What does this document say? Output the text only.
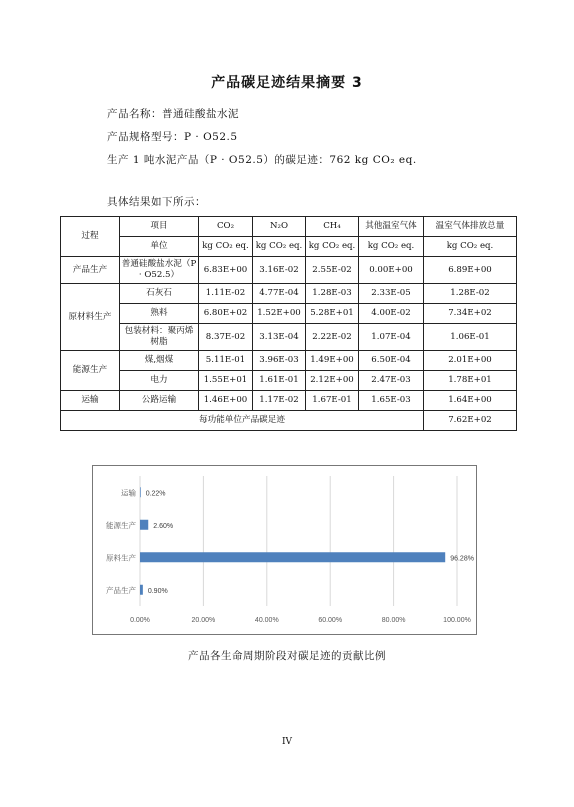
产品碳足迹结果摘要 3
产品名称：普通硅酸盐水泥
产品规格型号：P · O52.5
生产 1 吨水泥产品（P · O52.5）的碳足迹：762 kg CO₂ eq.
具体结果如下所示：
过程	项目	CO₂	N₂O	CH₄	其他温室气体	温室气体排放总量
	单位	kg CO₂ eq.	kg CO₂ eq.	kg CO₂ eq.	kg CO₂ eq.	kg CO₂ eq.
产品生产	普通硅酸盐水泥（P · O52.5）	6.83E+00	3.16E-02	2.55E-02	0.00E+00	6.89E+00
原材料生产	石灰石	1.11E-02	4.77E-04	1.28E-03	2.33E-05	1.28E-02
	熟料	6.80E+02	1.52E+00	5.28E+01	4.00E-02	7.34E+02
	包装材料：聚丙烯树脂	8.37E-02	3.13E-04	2.22E-02	1.07E-04	1.06E-01
能源生产	煤,烟煤	5.11E-01	3.96E-03	1.49E+00	6.50E-04	2.01E+00
	电力	1.55E+01	1.61E-01	2.12E+00	2.47E-03	1.78E+01
运输	公路运输	1.46E+00	1.17E-02	1.67E-01	1.65E-03	1.64E+00
每功能单位产品碳足迹						7.62E+02
0.00%	20.00%	40.00%	60.00%	80.00%	100.00%
运输 0.22%
能源生产 2.60%
原料生产	96.28%
产品生产 0.90%
产品各生命周期阶段对碳足迹的贡献比例
IV
